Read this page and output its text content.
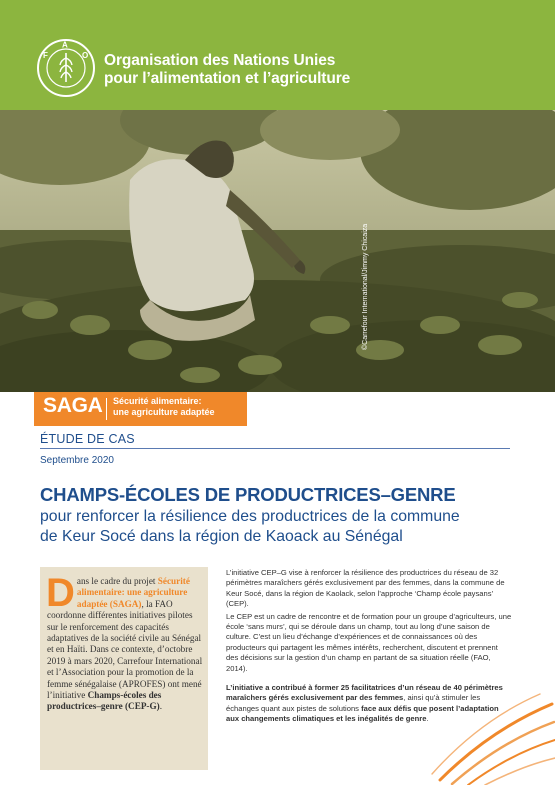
F
A
O Organisation des Nations Unies
pour l’alimentation et l’agriculture
©Carrefour International/Jimmy Chicaiza
SAGA Sécurité alimentaire:
une agriculture adaptée
ÉTUDE DE CAS
Septembre 2020
CHAMPS-ÉCOLES DE PRODUCTRICES–GENRE
pour renforcer la résilience des productrices de la commune
de Keur Socé dans la région de Kaoack au Sénégal
Dans le cadre du projet Sécurité alimentaire: une agriculture adaptée (SAGA), la FAO coordonne différentes initiatives pilotes sur le renforcement des capacités adaptatives de la société civile au Sénégal et en Haïti. Dans ce contexte, d’octobre 2019 à mars 2020, Carrefour International et l’Association pour la promotion de la femme sénégalaise (APROFES) ont mené l’initiative Champs-écoles des productrices–genre (CEP-G).

L’initiative CEP–G vise à renforcer la résilience des productrices du réseau de 32 périmètres maraîchers gérés exclusivement par des femmes, dans la commune de Keur Socé, dans la région de Kaolack, selon l’approche ‘Champ école paysans’ (CEP).

Le CEP est un cadre de rencontre et de formation pour un groupe d’agriculteurs, une école ‘sans murs’, qui se déroule dans un champ, tout au long d’une saison de culture. C’est un lieu d’échange d’expériences et de connaissances où des producteurs qui partagent les mêmes intérêts, recherchent, discutent et prennent des décisions sur la gestion d’un champ en partant de sa situation réelle (FAO, 2014).

L’initiative a contribué à former 25 facilitatrices d’un réseau de 40 périmètres maraîchers gérés exclusivement par des femmes, ainsi qu’à stimuler les échanges quant aux pistes de solutions face aux défis que posent l’adaptation aux changements climatiques et les inégalités de genre.
